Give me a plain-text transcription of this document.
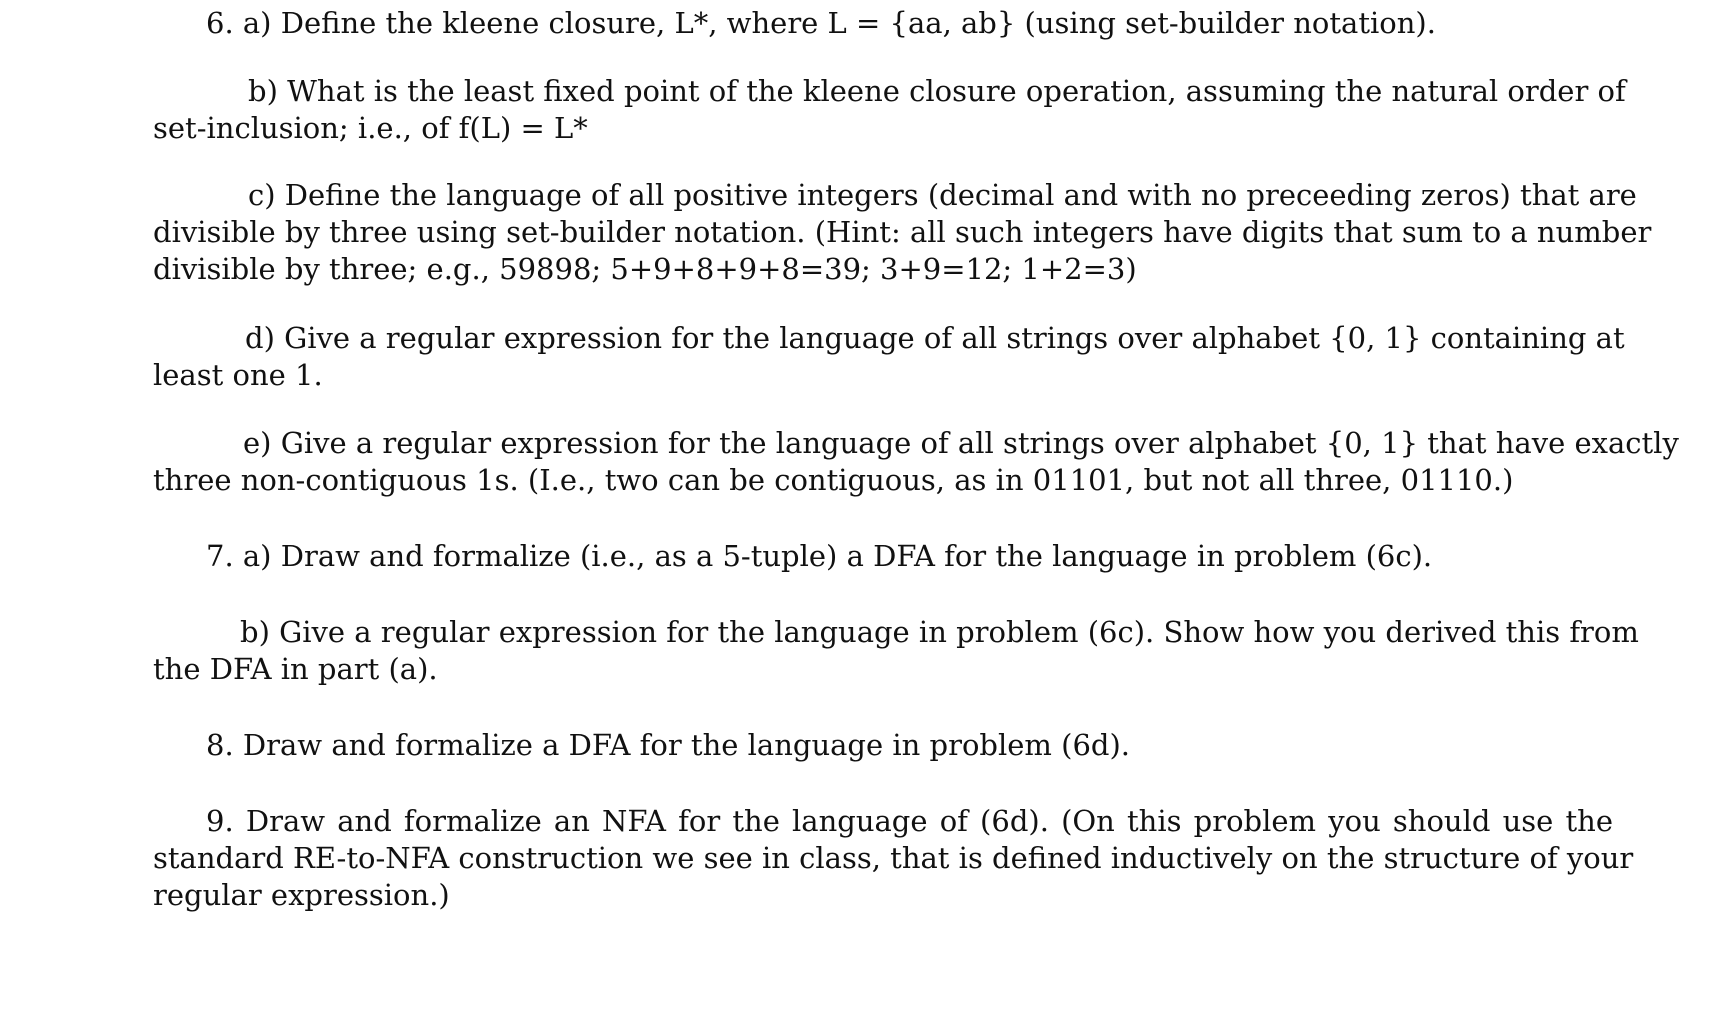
6. a) Define the kleene closure, L*, where L = {aa, ab} (using set-builder notation).
b) What is the least fixed point of the kleene closure operation, assuming the natural order of
set-inclusion; i.e., of f(L) = L*
c) Define the language of all positive integers (decimal and with no preceeding zeros) that are
divisible by three using set-builder notation. (Hint: all such integers have digits that sum to a number
divisible by three; e.g., 59898; 5+9+8+9+8=39; 3+9=12; 1+2=3)
d) Give a regular expression for the language of all strings over alphabet {0, 1} containing at
least one 1.
e) Give a regular expression for the language of all strings over alphabet {0, 1} that have exactly
three non-contiguous 1s. (I.e., two can be contiguous, as in 01101, but not all three, 01110.)
7. a) Draw and formalize (i.e., as a 5-tuple) a DFA for the language in problem (6c).
b) Give a regular expression for the language in problem (6c). Show how you derived this from
the DFA in part (a).
8. Draw and formalize a DFA for the language in problem (6d).
9. Draw and formalize an NFA for the language of (6d). (On this problem you should use the
standard RE-to-NFA construction we see in class, that is defined inductively on the structure of your
regular expression.)
